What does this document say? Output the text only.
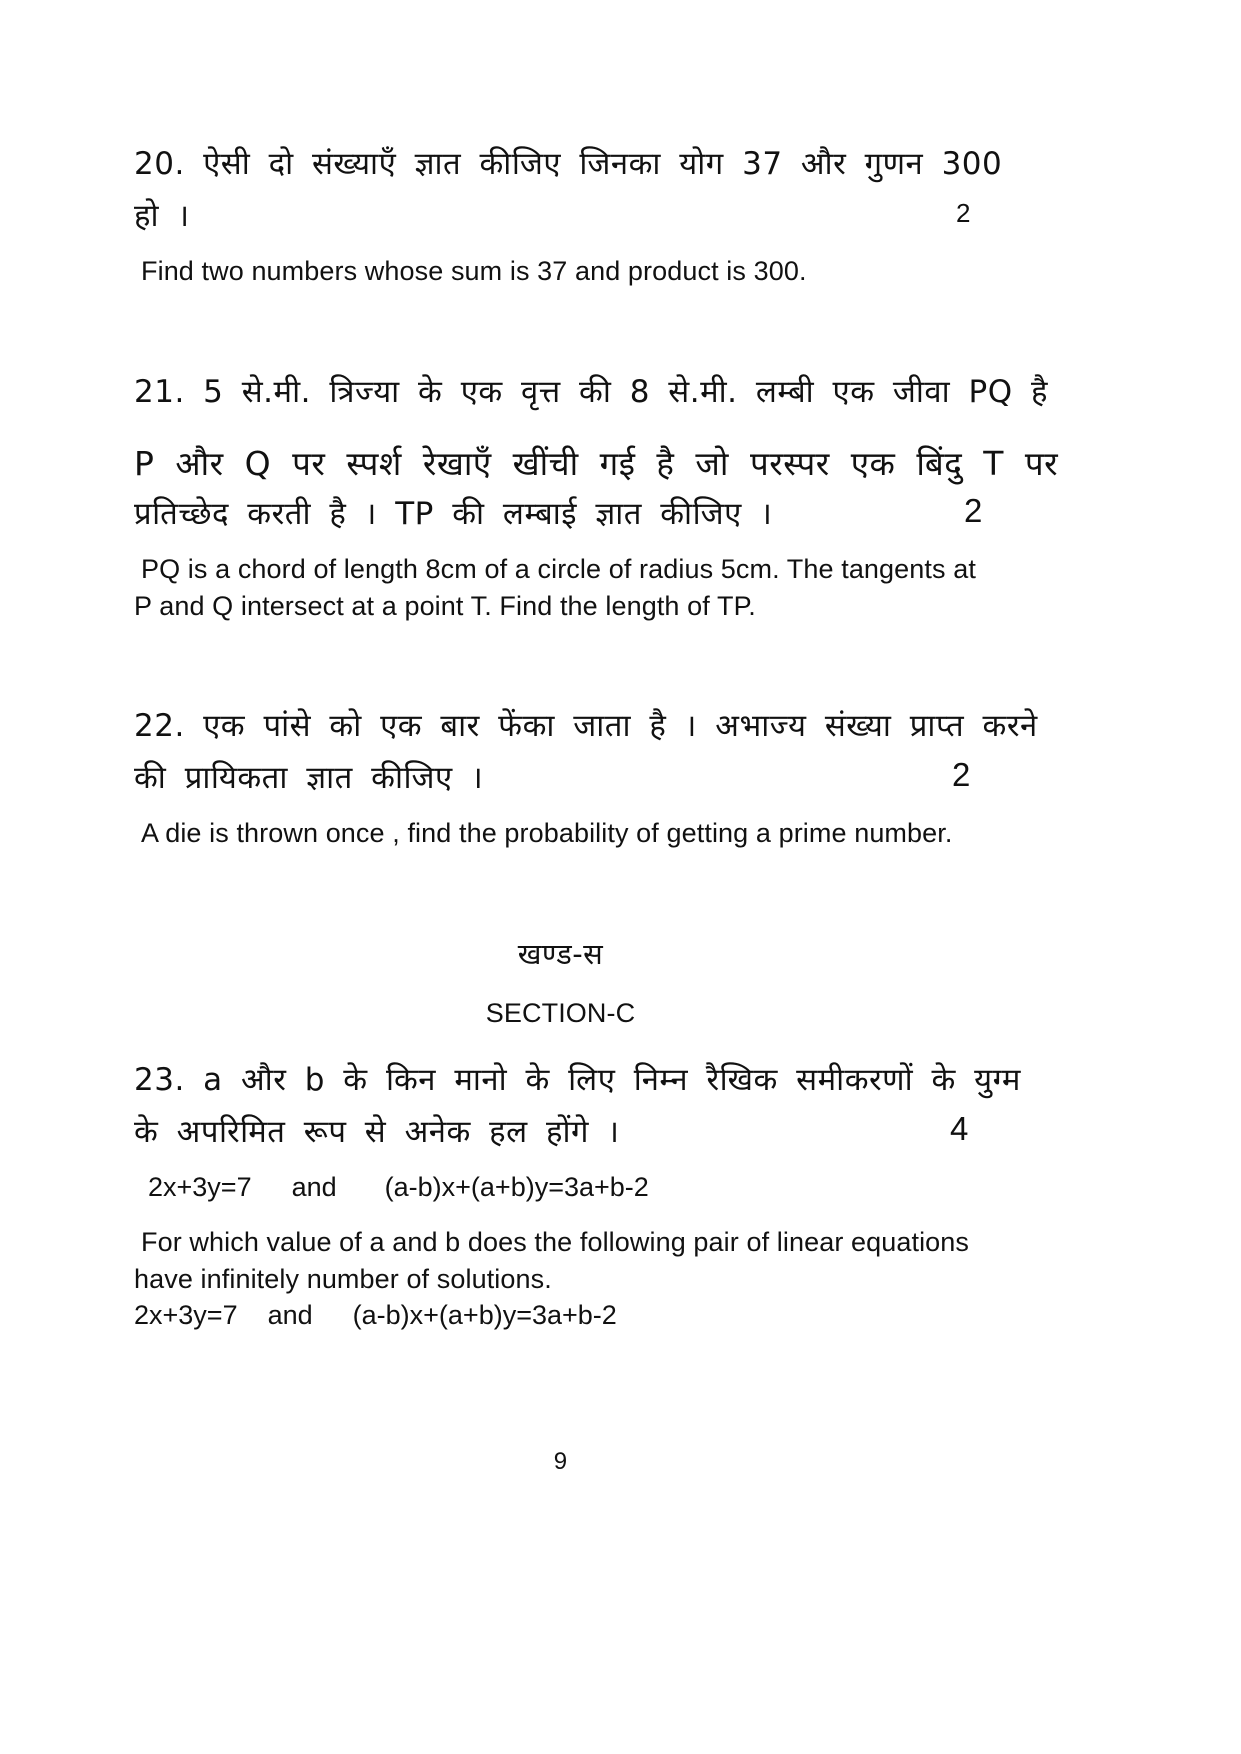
20. ऐसी दो संख्याएँ ज्ञात कीजिए जिनका योग 37 और गुणन 300
हो ।	2
Find two numbers whose sum is 37 and product is 300.
21. 5 से.मी. त्रिज्या के एक वृत्त की 8 से.मी. लम्बी एक जीवा PQ है
P और Q पर स्पर्श रेखाएँ खींची गई है जो परस्पर एक बिंदु T पर
प्रतिच्छेद करती है । TP की लम्बाई ज्ञात कीजिए ।	2
PQ is a chord of length 8cm of a circle of radius 5cm. The tangents at
P and Q intersect at a point T. Find the length of TP.
22. एक पांसे को एक बार फेंका जाता है । अभाज्य संख्या प्राप्त करने
की प्रायिकता ज्ञात कीजिए ।	2
A die is thrown once , find the probability of getting a prime number.
खण्ड-स
SECTION-C
23. a और b के किन मानो के लिए निम्न रैखिक समीकरणों के युग्म
के अपरिमित रूप से अनेक हल होंगे ।	4
2x+3y=7 and (a-b)x+(a+b)y=3a+b-2
For which value of a and b does the following pair of linear equations
have infinitely number of solutions.
2x+3y=7 and (a-b)x+(a+b)y=3a+b-2
9
